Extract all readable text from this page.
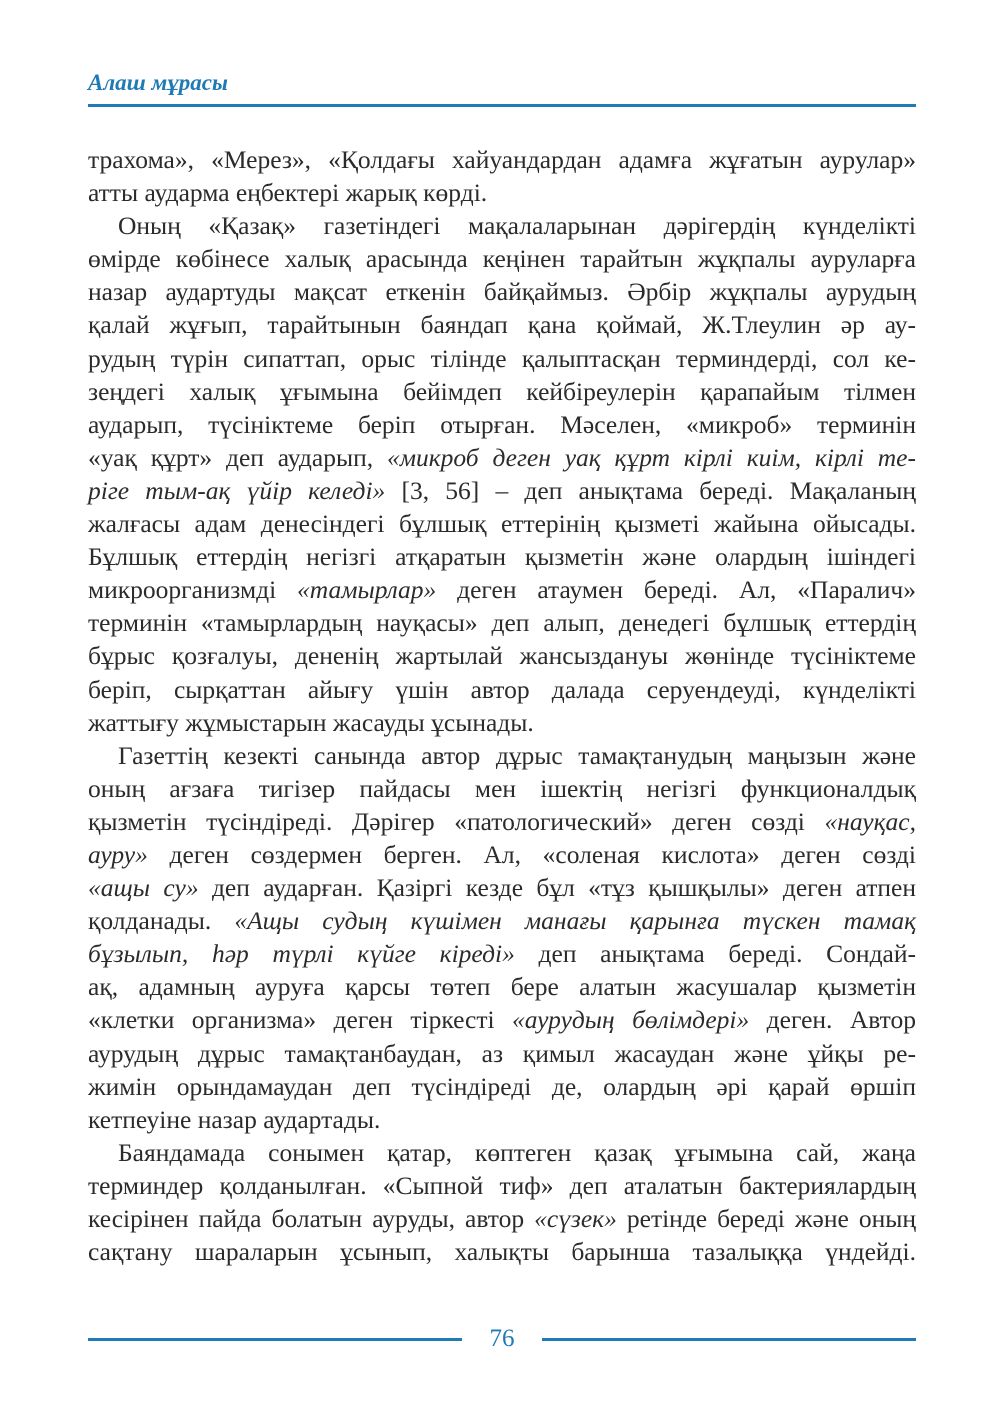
Алаш мұрасы
трахома», «Мерез», «Қолдағы хайуандардан адамға жұғатын аурулар»
атты аударма еңбектері жарық көрді.
Оның «Қазақ» газетіндегі мақалаларынан дәрігердің күнделікті
өмірде көбінесе халық арасында кеңінен тарайтын жұқпалы ауруларға
назар аудартуды мақсат еткенін байқаймыз. Әрбір жұқпалы аурудың
қалай жұғып, тарайтынын баяндап қана қоймай, Ж.Тлеулин әр ау-
рудың түрін сипаттап, орыс тілінде қалыптасқан терминдерді, сол ке-
зеңдегі халық ұғымына бейімдеп кейбіреулерін қарапайым тілмен
аударып, түсініктеме беріп отырған. Мәселен, «микроб» терминін
«уақ құрт» деп аударып, «микроб деген уақ құрт кірлі киім, кірлі те-
ріге тым-ақ үйір келеді» [3, 56] – деп анықтама береді. Мақаланың
жалғасы адам денесіндегі бұлшық еттерінің қызметі жайына ойысады.
Бұлшық еттердің негізгі атқаратын қызметін және олардың ішіндегі
микроорганизмді «тамырлар» деген атаумен береді. Ал, «Паралич»
терминін «тамырлардың науқасы» деп алып, денедегі бұлшық еттердің
бұрыс қозғалуы, дененің жартылай жансыздануы жөнінде түсініктеме
беріп, сырқаттан айығу үшін автор далада серуендеуді, күнделікті
жаттығу жұмыстарын жасауды ұсынады.
Газеттің кезекті санында автор дұрыс тамақтанудың маңызын және
оның ағзаға тигізер пайдасы мен ішектің негізгі функционалдық
қызметін түсіндіреді. Дәрігер «патологический» деген сөзді «науқас,
ауру» деген сөздермен берген. Ал, «соленая кислота» деген сөзді
«ащы су» деп аударған. Қазіргі кезде бұл «тұз қышқылы» деген атпен
қолданады. «Ащы судың күшімен манағы қарынға түскен тамақ
бұзылып, һәр түрлі күйге кіреді» деп анықтама береді. Сондай-
ақ, адамның ауруға қарсы төтеп бере алатын жасушалар қызметін
«клетки организма» деген тіркесті «аурудың бөлімдері» деген. Автор
аурудың дұрыс тамақтанбаудан, аз қимыл жасаудан және ұйқы ре-
жимін орындамаудан деп түсіндіреді де, олардың әрі қарай өршіп
кетпеуіне назар аудартады.
Баяндамада сонымен қатар, көптеген қазақ ұғымына сай, жаңа
терминдер қолданылған. «Сыпной тиф» деп аталатын бактериялардың
кесірінен пайда болатын ауруды, автор «сүзек» ретінде береді және оның
сақтану шараларын ұсынып, халықты барынша тазалыққа үндейді.
76
